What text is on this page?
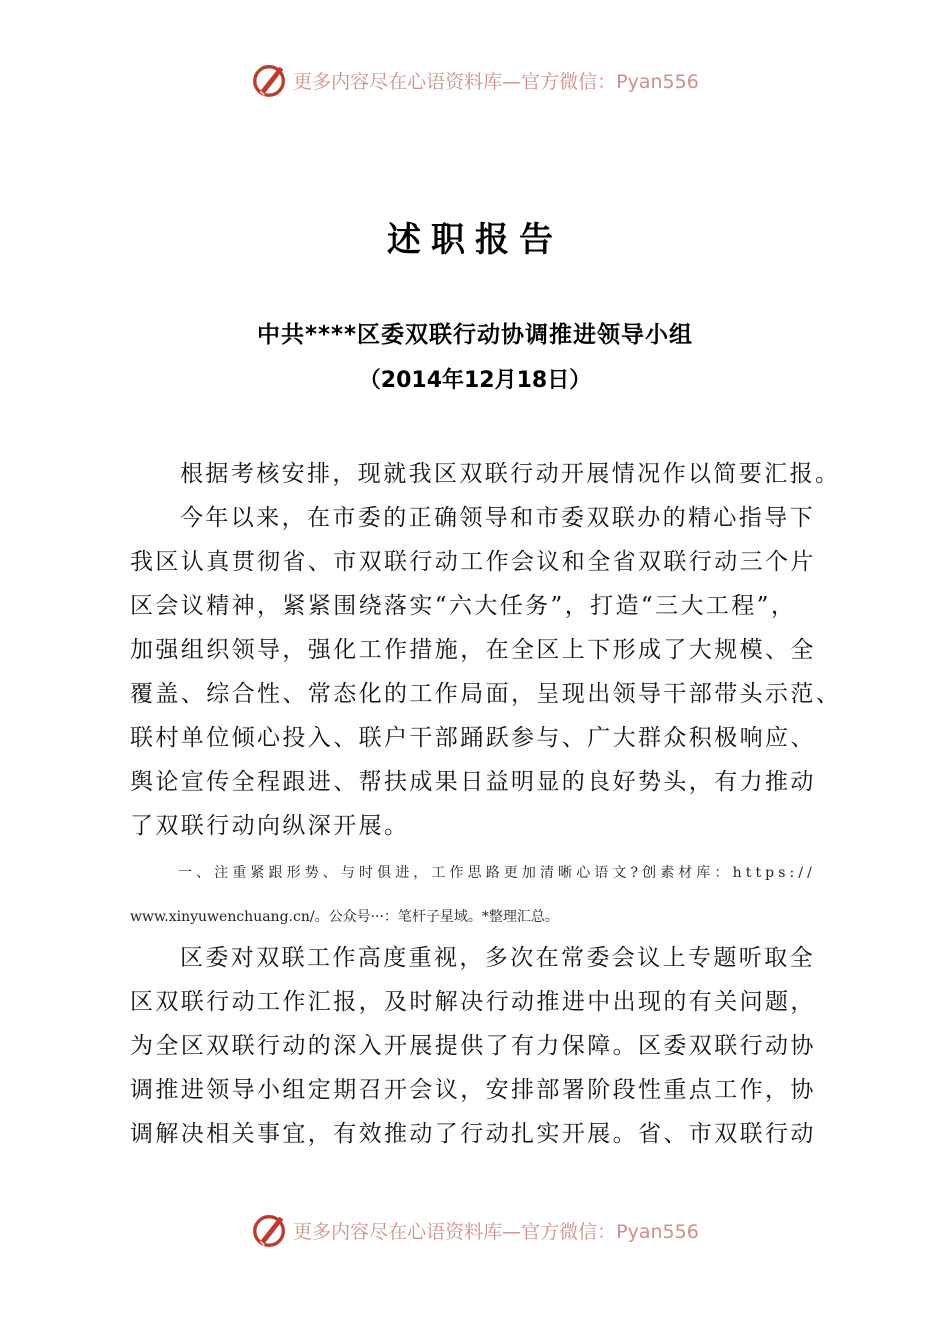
更多内容尽在心语资料库—官方微信：Pyan556
述职报告
中共****区委双联行动协调推进领导小组
（2014年12月18日）
根据考核安排，现就我区双联行动开展情况作以简要汇报。
今年以来，在市委的正确领导和市委双联办的精心指导下
我区认真贯彻省、市双联行动工作会议和全省双联行动三个片
区会议精神，紧紧围绕落实“六大任务”，打造“三大工程”，
加强组织领导，强化工作措施，在全区上下形成了大规模、全
覆盖、综合性、常态化的工作局面，呈现出领导干部带头示范、
联村单位倾心投入、联户干部踊跃参与、广大群众积极响应、
舆论宣传全程跟进、帮扶成果日益明显的良好势头，有力推动
了双联行动向纵深开展。
一、注重紧跟形势、与时俱进，工作思路更加清晰心语文?创素材库：https://
www.xinyuwenchuang.cn/。公众号···：笔杆子星域。*整理汇总。
区委对双联工作高度重视，多次在常委会议上专题听取全
区双联行动工作汇报，及时解决行动推进中出现的有关问题，
为全区双联行动的深入开展提供了有力保障。区委双联行动协
调推进领导小组定期召开会议，安排部署阶段性重点工作，协
调解决相关事宜，有效推动了行动扎实开展。省、市双联行动
更多内容尽在心语资料库—官方微信：Pyan556
